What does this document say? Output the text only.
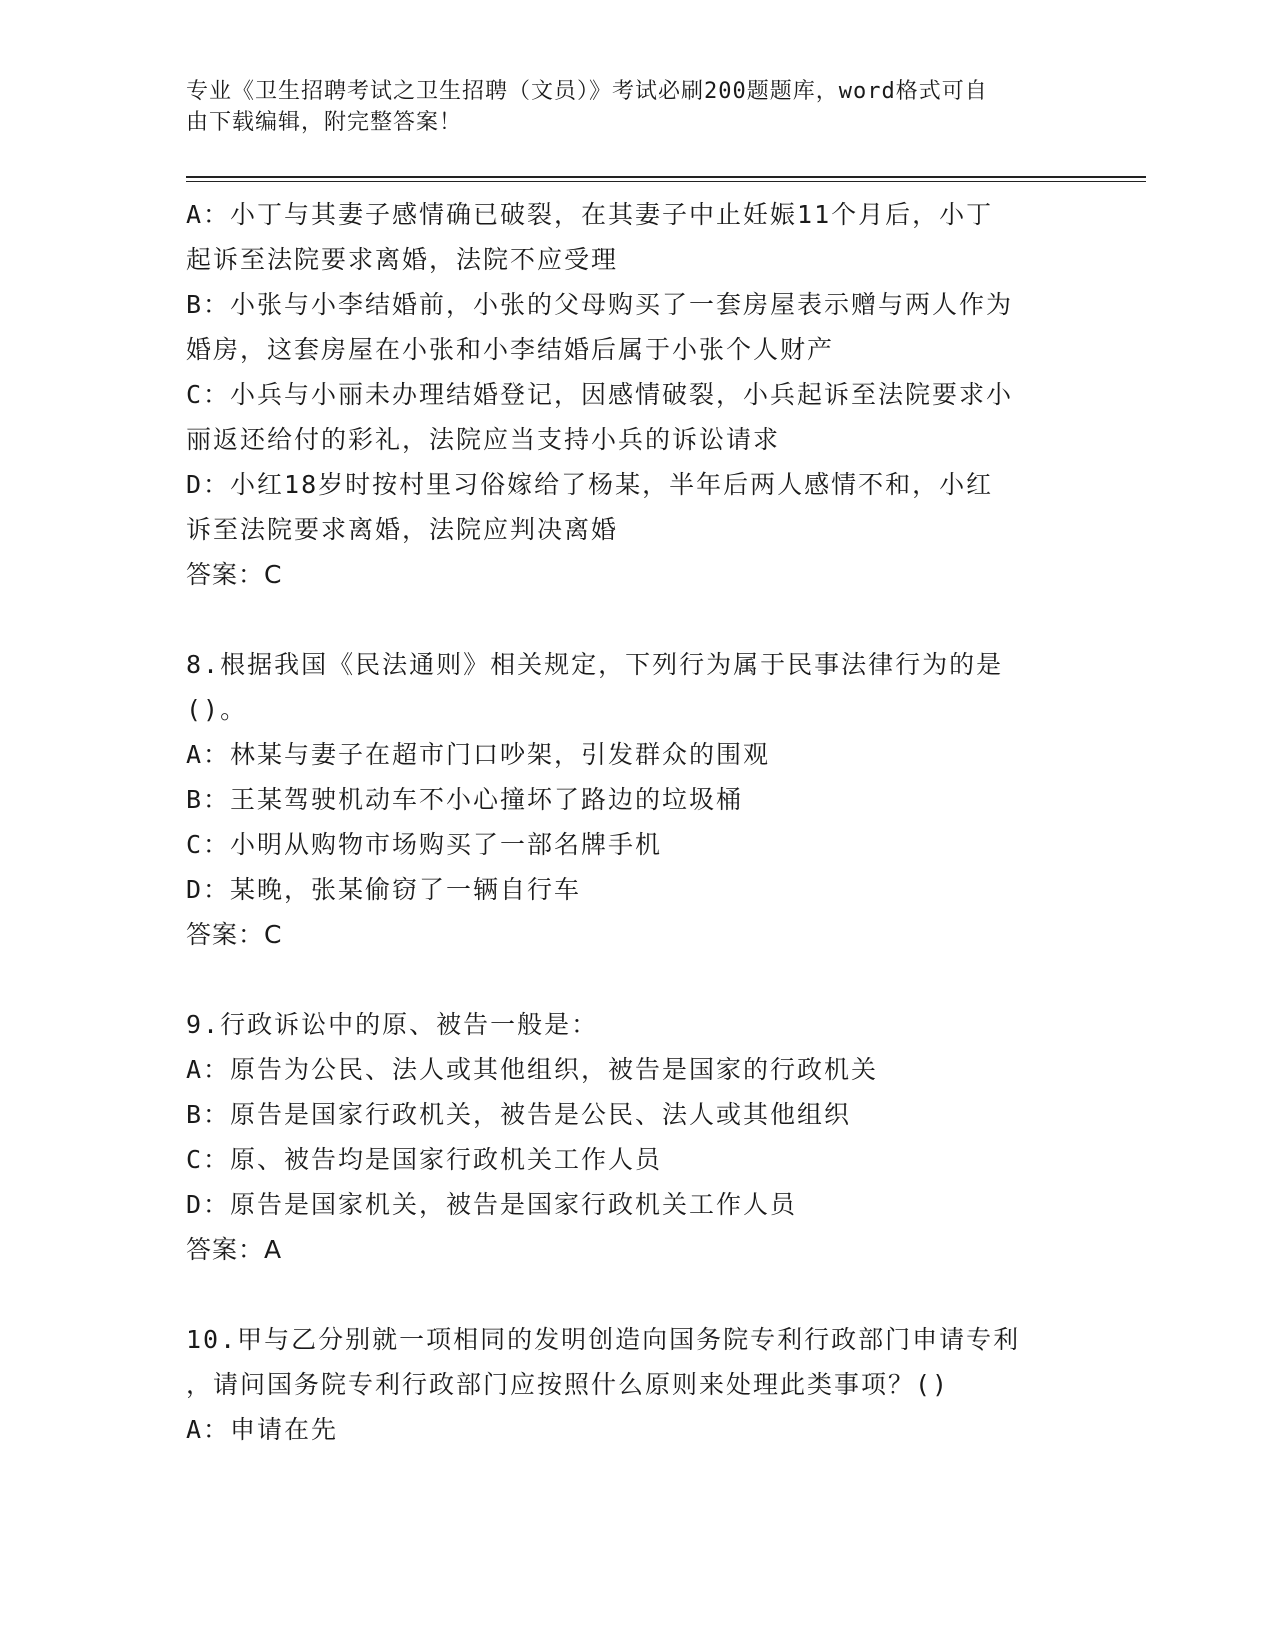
专业《卫生招聘考试之卫生招聘（文员）》考试必刷200题题库，word格式可自
由下载编辑，附完整答案！
A：小丁与其妻子感情确已破裂，在其妻子中止妊娠11个月后，小丁
起诉至法院要求离婚，法院不应受理
B：小张与小李结婚前，小张的父母购买了一套房屋表示赠与两人作为
婚房，这套房屋在小张和小李结婚后属于小张个人财产
C：小兵与小丽未办理结婚登记，因感情破裂，小兵起诉至法院要求小
丽返还给付的彩礼，法院应当支持小兵的诉讼请求
D：小红18岁时按村里习俗嫁给了杨某，半年后两人感情不和，小红
诉至法院要求离婚，法院应判决离婚
答案：C
8.根据我国《民法通则》相关规定，下列行为属于民事法律行为的是
()。
A：林某与妻子在超市门口吵架，引发群众的围观
B：王某驾驶机动车不小心撞坏了路边的垃圾桶
C：小明从购物市场购买了一部名牌手机
D：某晚，张某偷窃了一辆自行车
答案：C
9.行政诉讼中的原、被告一般是：
A：原告为公民、法人或其他组织，被告是国家的行政机关
B：原告是国家行政机关，被告是公民、法人或其他组织
C：原、被告均是国家行政机关工作人员
D：原告是国家机关，被告是国家行政机关工作人员
答案：A
10.甲与乙分别就一项相同的发明创造向国务院专利行政部门申请专利
，请问国务院专利行政部门应按照什么原则来处理此类事项？()
A：申请在先
